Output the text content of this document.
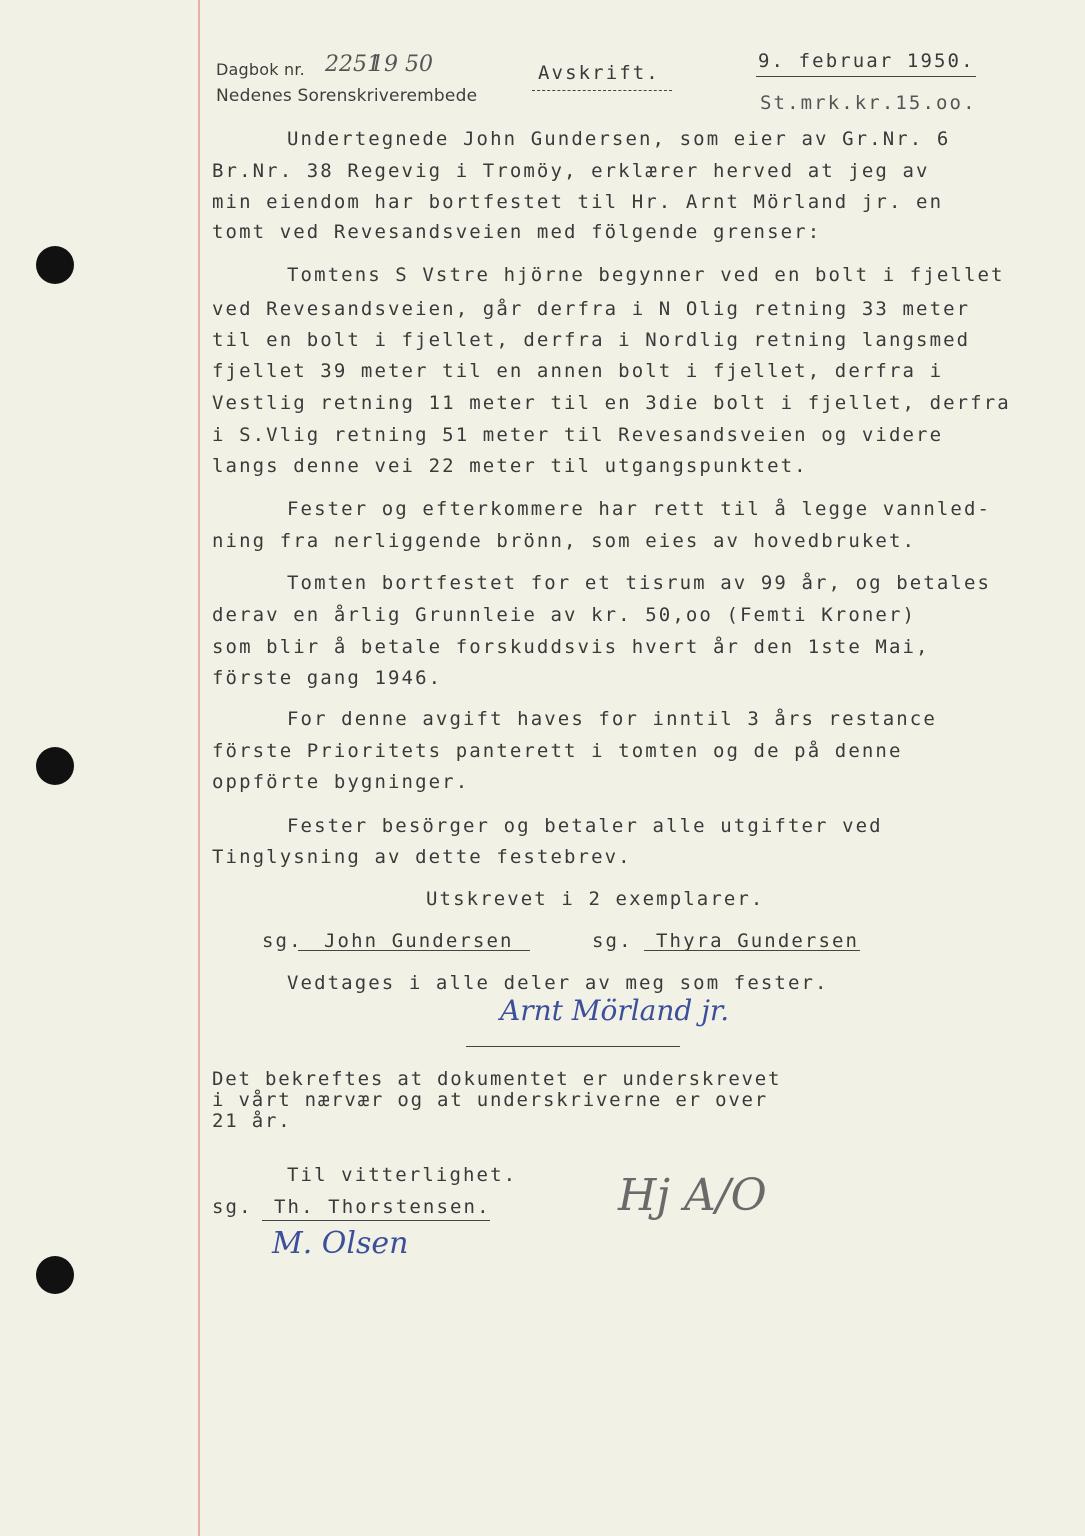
Dagbok nr. 2251
19 50
Nedenes Sorenskriverembede
Avskrift.
9. februar 1950.
St.mrk.kr.15.oo.
Undertegnede John Gundersen, som eier av Gr.Nr. 6
Br.Nr. 38 Regevig i Tromöy, erklærer herved at jeg av
min eiendom har bortfestet til Hr. Arnt Mörland jr. en
tomt ved Revesandsveien med fölgende grenser:
Tomtens S Vstre hjörne begynner ved en bolt i fjellet
ved Revesandsveien, går derfra i N Olig retning 33 meter
til en bolt i fjellet, derfra i Nordlig retning langsmed
fjellet 39 meter til en annen bolt i fjellet, derfra i
Vestlig retning 11 meter til en 3die bolt i fjellet, derfra
i S.Vlig retning 51 meter til Revesandsveien og videre
langs denne vei 22 meter til utgangspunktet.
Fester og efterkommere har rett til å legge vannled-
ning fra nerliggende brönn, som eies av hovedbruket.
Tomten bortfestet for et tisrum av 99 år, og betales
derav en årlig Grunnleie av kr. 50,oo (Femti Kroner)
som blir å betale forskuddsvis hvert år den 1ste Mai,
förste gang 1946.
For denne avgift haves for inntil 3 års restance
förste Prioritets panterett i tomten og de på denne
oppförte bygninger.
Fester besörger og betaler alle utgifter ved
Tinglysning av dette festebrev.
Utskrevet i 2 exemplarer.
sg. John Gundersen	sg. Thyra Gundersen
Vedtages i alle deler av meg som fester.
Arnt Mörland jr.
Det bekreftes at dokumentet er underskrevet
i vårt nærvær og at underskriverne er over
21 år.
Til vitterlighet.
sg. Th. Thorstensen.
M. Olsen
Hj A/O
